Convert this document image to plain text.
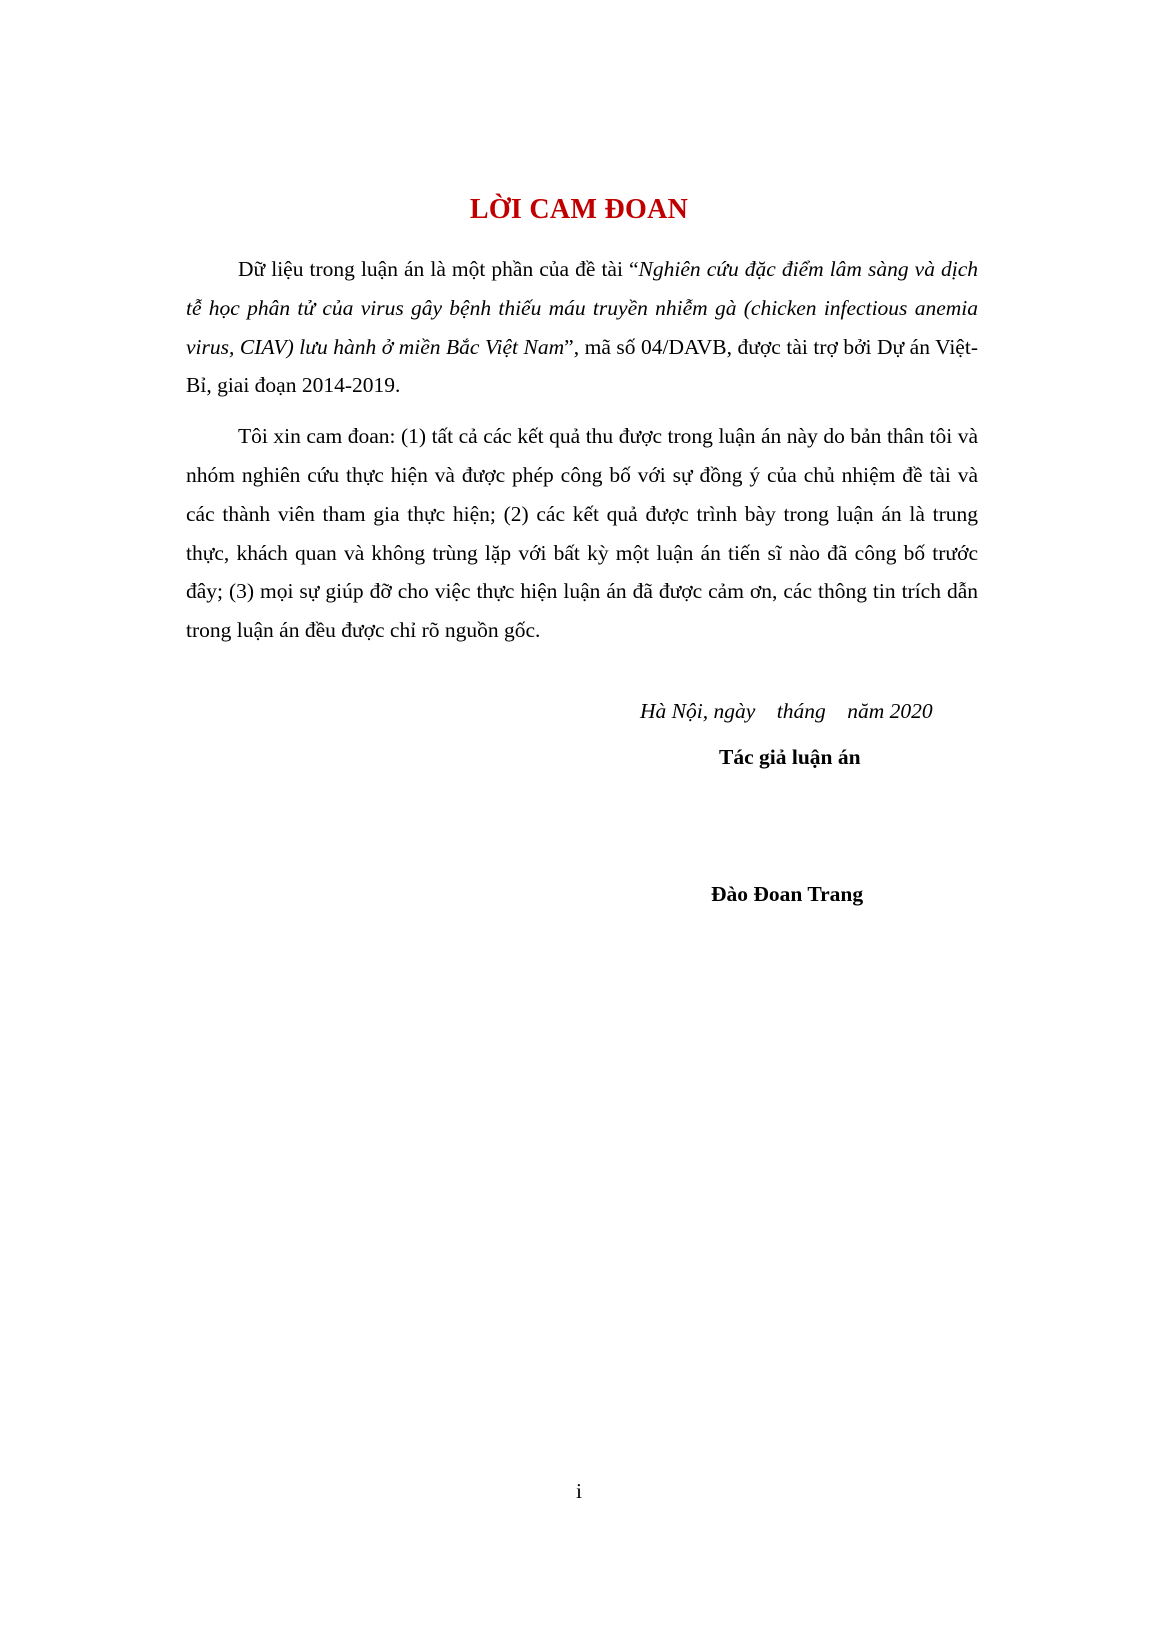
LỜI CAM ĐOAN

Dữ liệu trong luận án là một phần của đề tài “Nghiên cứu đặc điểm lâm sàng và dịch tễ học phân tử của virus gây bệnh thiếu máu truyền nhiễm gà (chicken infectious anemia virus, CIAV) lưu hành ở miền Bắc Việt Nam”, mã số 04/DAVB, được tài trợ bởi Dự án Việt- Bỉ, giai đoạn 2014-2019.

Tôi xin cam đoan: (1) tất cả các kết quả thu được trong luận án này do bản thân tôi và nhóm nghiên cứu thực hiện và được phép công bố với sự đồng ý của chủ nhiệm đề tài và các thành viên tham gia thực hiện; (2) các kết quả được trình bày trong luận án là trung thực, khách quan và không trùng lặp với bất kỳ một luận án tiến sĩ nào đã công bố trước đây; (3) mọi sự giúp đỡ cho việc thực hiện luận án đã được cảm ơn, các thông tin trích dẫn trong luận án đều được chỉ rõ nguồn gốc.

Hà Nội, ngày    tháng    năm 2020
Tác giả luận án
Đào Đoan Trang
i
